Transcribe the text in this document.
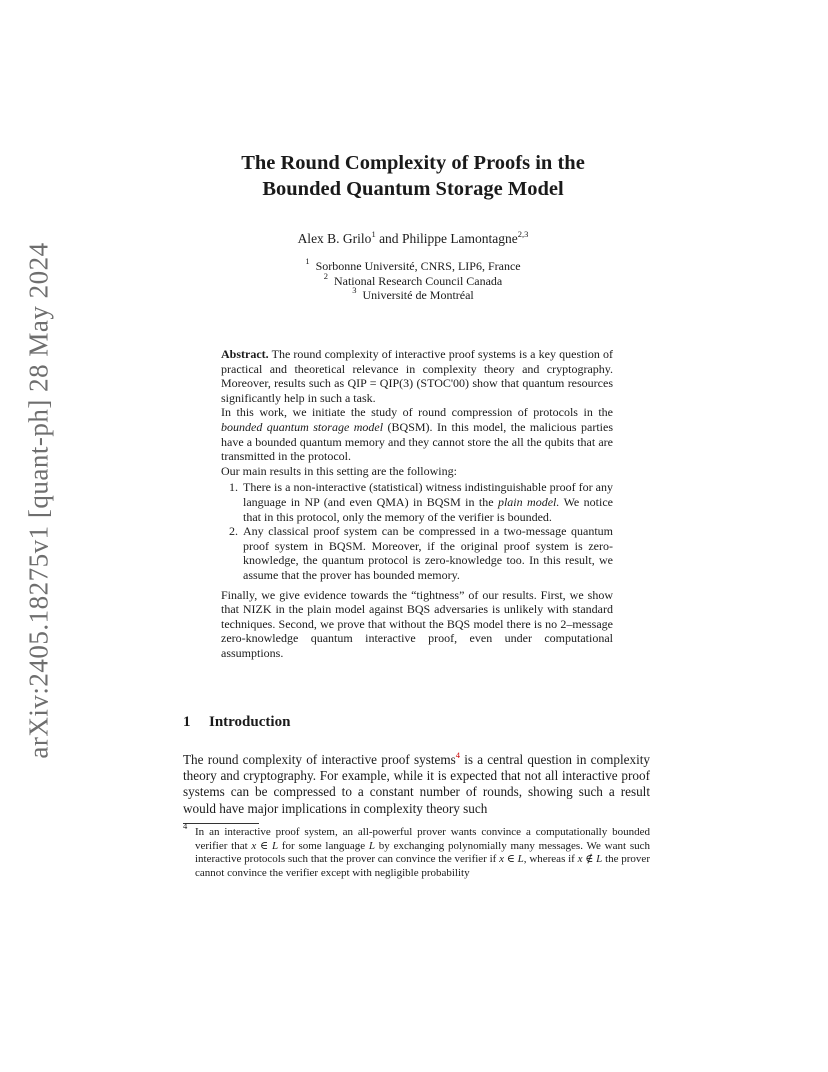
arXiv:2405.18275v1 [quant-ph] 28 May 2024
The Round Complexity of Proofs in the
Bounded Quantum Storage Model
Alex B. Grilo$^1$ and Philippe Lamontagne$^{2,3}$
$^1$ Sorbonne Université, CNRS, LIP6, France
$^2$ National Research Council Canada
$^3$ Université de Montréal

Abstract. The round complexity of interactive proof systems is a key question of practical and theoretical relevance in complexity theory and cryptography. Moreover, results such as QIP = QIP(3) (STOC'00) show that quantum resources significantly help in such a task.

In this work, we initiate the study of round compression of protocols in the bounded quantum storage model (BQSM). In this model, the malicious parties have a bounded quantum memory and they cannot store the all the qubits that are transmitted in the protocol.

Our main results in this setting are the following:

1. There is a non-interactive (statistical) witness indistinguishable proof for any language in NP (and even QMA) in BQSM in the plain model. We notice that in this protocol, only the memory of the verifier is bounded.
2. Any classical proof system can be compressed in a two-message quantum proof system in BQSM. Moreover, if the original proof system is zero-knowledge, the quantum protocol is zero-knowledge too. In this result, we assume that the prover has bounded memory.

Finally, we give evidence towards the “tightness” of our results. First, we show that NIZK in the plain model against BQS adversaries is unlikely with standard techniques. Second, we prove that without the BQS model there is no 2–message zero-knowledge quantum interactive proof, even under computational assumptions.

1 Introduction

The round complexity of interactive proof systems$^4$ is a central question in complexity theory and cryptography. For example, while it is expected that not all interactive proof systems can be compressed to a constant number of rounds, showing such a result would have major implications in complexity theory such

$^4$ In an interactive proof system, an all-powerful prover wants convince a computationally bounded verifier that x ∈ L for some language L by exchanging polynomially many messages. We want such interactive protocols such that the prover can convince the verifier if x ∈ L, whereas if x ∉ L the prover cannot convince the verifier except with negligible probability
